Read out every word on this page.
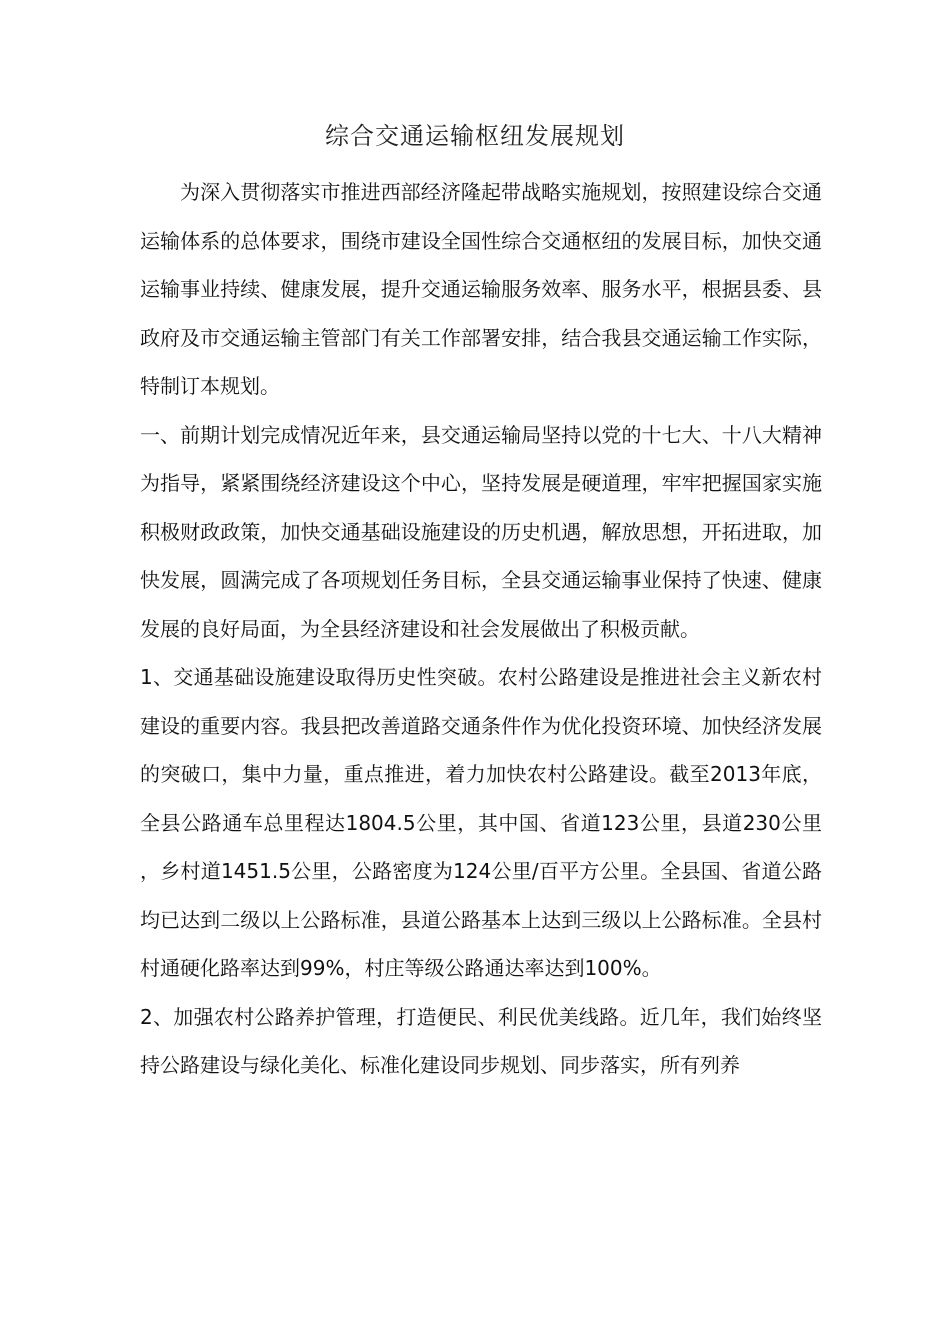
综合交通运输枢纽发展规划

为深入贯彻落实市推进西部经济隆起带战略实施规划，按照建设综合交通运输体系的总体要求，围绕市建设全国性综合交通枢纽的发展目标，加快交通运输事业持续、健康发展，提升交通运输服务效率、服务水平，根据县委、县政府及市交通运输主管部门有关工作部署安排，结合我县交通运输工作实际，特制订本规划。

一、前期计划完成情况近年来，县交通运输局坚持以党的十七大、十八大精神为指导，紧紧围绕经济建设这个中心，坚持发展是硬道理，牢牢把握国家实施积极财政政策，加快交通基础设施建设的历史机遇，解放思想，开拓进取，加快发展，圆满完成了各项规划任务目标，全县交通运输事业保持了快速、健康发展的良好局面，为全县经济建设和社会发展做出了积极贡献。

1、交通基础设施建设取得历史性突破。农村公路建设是推进社会主义新农村建设的重要内容。我县把改善道路交通条件作为优化投资环境、加快经济发展的突破口，集中力量，重点推进，着力加快农村公路建设。截至2013年底，全县公路通车总里程达1804.5公里，其中国、省道123公里，县道230公里，乡村道1451.5公里，公路密度为124公里/百平方公里。全县国、省道公路均已达到二级以上公路标准，县道公路基本上达到三级以上公路标准。全县村村通硬化路率达到99%，村庄等级公路通达率达到100%。

2、加强农村公路养护管理，打造便民、利民优美线路。近几年，我们始终坚持公路建设与绿化美化、标准化建设同步规划、同步落实，所有列养
